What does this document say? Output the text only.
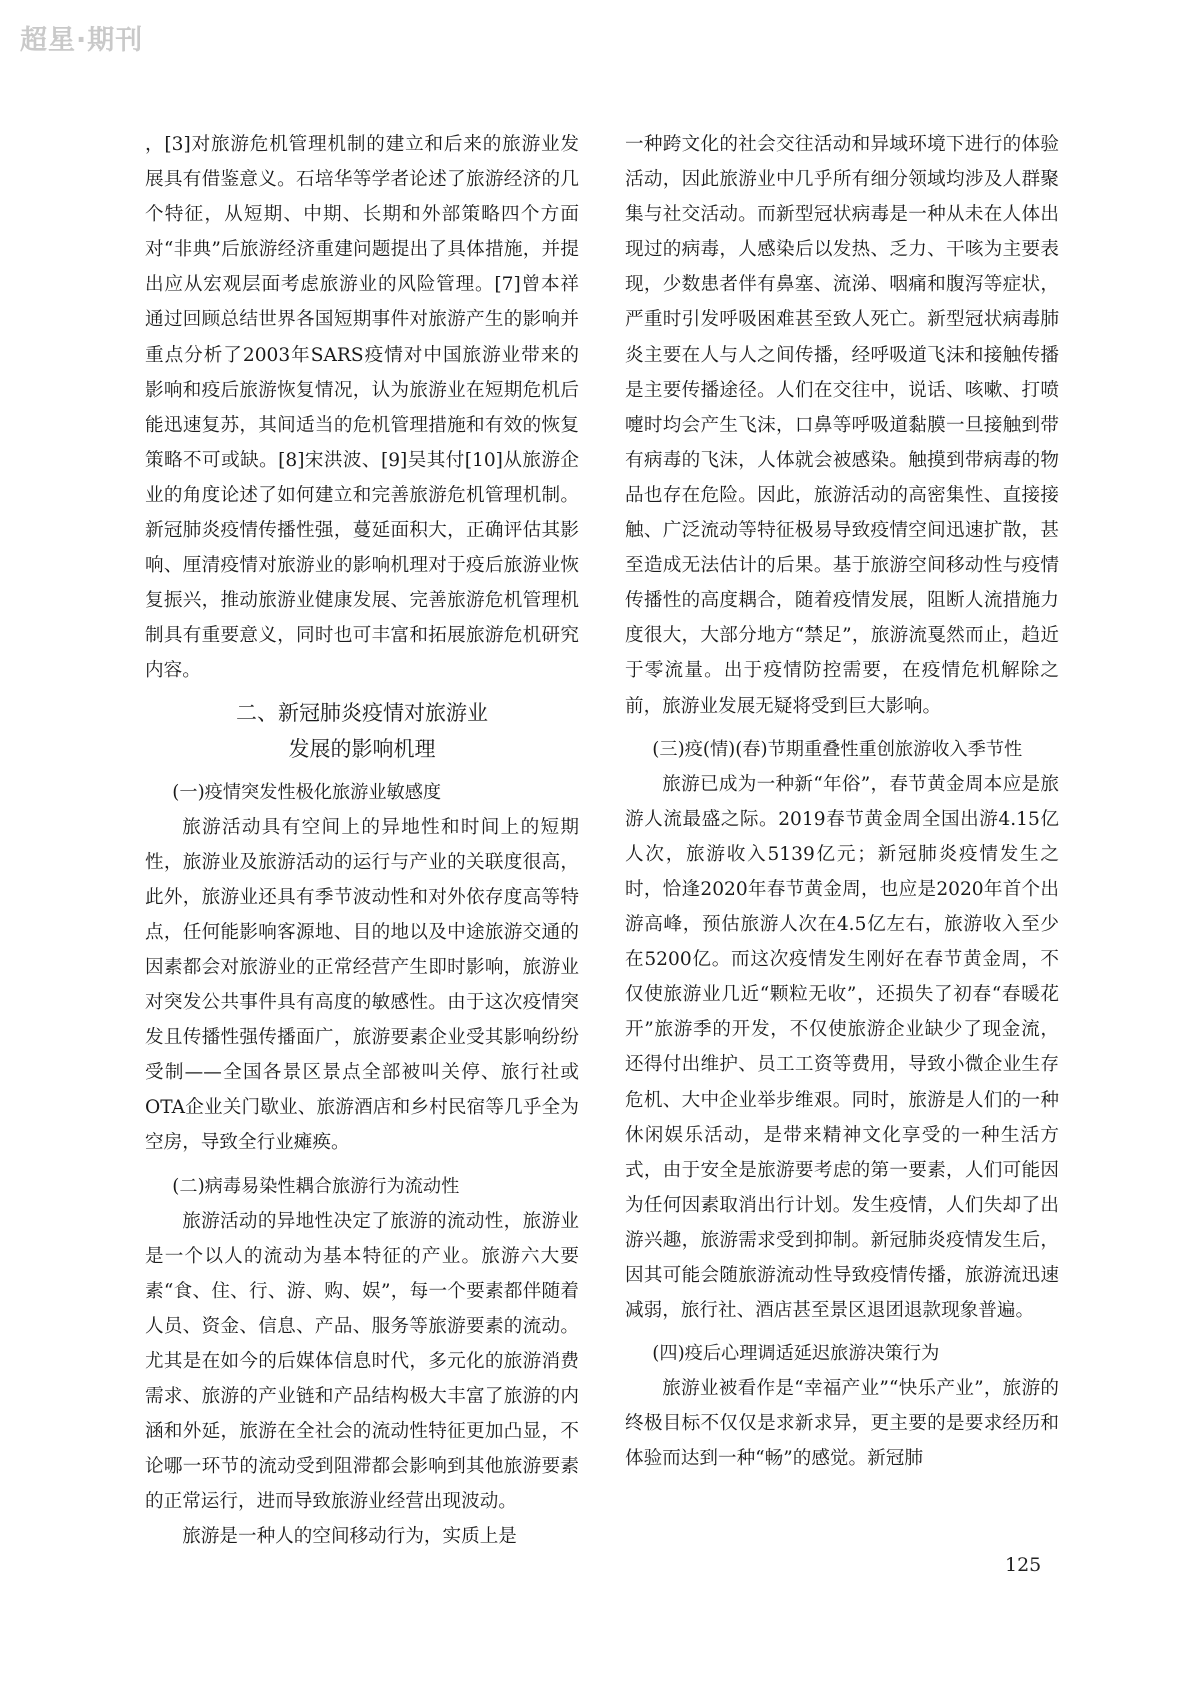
超星·期刊

，[3]对旅游危机管理机制的建立和后来的旅游业发展具有借鉴意义。石培华等学者论述了旅游经济的几个特征，从短期、中期、长期和外部策略四个方面对“非典”后旅游经济重建问题提出了具体措施，并提出应从宏观层面考虑旅游业的风险管理。[7]曾本祥通过回顾总结世界各国短期事件对旅游产生的影响并重点分析了2003年SARS疫情对中国旅游业带来的影响和疫后旅游恢复情况，认为旅游业在短期危机后能迅速复苏，其间适当的危机管理措施和有效的恢复策略不可或缺。[8]宋洪波、[9]吴其付[10]从旅游企业的角度论述了如何建立和完善旅游危机管理机制。新冠肺炎疫情传播性强，蔓延面积大，正确评估其影响、厘清疫情对旅游业的影响机理对于疫后旅游业恢复振兴，推动旅游业健康发展、完善旅游危机管理机制具有重要意义，同时也可丰富和拓展旅游危机研究内容。

二、新冠肺炎疫情对旅游业
发展的影响机理

(一)疫情突发性极化旅游业敏感度

旅游活动具有空间上的异地性和时间上的短期性，旅游业及旅游活动的运行与产业的关联度很高，此外，旅游业还具有季节波动性和对外依存度高等特点，任何能影响客源地、目的地以及中途旅游交通的因素都会对旅游业的正常经营产生即时影响，旅游业对突发公共事件具有高度的敏感性。由于这次疫情突发且传播性强传播面广，旅游要素企业受其影响纷纷受制——全国各景区景点全部被叫关停、旅行社或OTA企业关门歇业、旅游酒店和乡村民宿等几乎全为空房，导致全行业瘫痪。

(二)病毒易染性耦合旅游行为流动性

旅游活动的异地性决定了旅游的流动性，旅游业是一个以人的流动为基本特征的产业。旅游六大要素“食、住、行、游、购、娱”，每一个要素都伴随着人员、资金、信息、产品、服务等旅游要素的流动。尤其是在如今的后媒体信息时代，多元化的旅游消费需求、旅游的产业链和产品结构极大丰富了旅游的内涵和外延，旅游在全社会的流动性特征更加凸显，不论哪一环节的流动受到阻滞都会影响到其他旅游要素的正常运行，进而导致旅游业经营出现波动。

旅游是一种人的空间移动行为，实质上是

一种跨文化的社会交往活动和异域环境下进行的体验活动，因此旅游业中几乎所有细分领域均涉及人群聚集与社交活动。而新型冠状病毒是一种从未在人体出现过的病毒，人感染后以发热、乏力、干咳为主要表现，少数患者伴有鼻塞、流涕、咽痛和腹泻等症状，严重时引发呼吸困难甚至致人死亡。新型冠状病毒肺炎主要在人与人之间传播，经呼吸道飞沫和接触传播是主要传播途径。人们在交往中，说话、咳嗽、打喷嚏时均会产生飞沫，口鼻等呼吸道黏膜一旦接触到带有病毒的飞沫，人体就会被感染。触摸到带病毒的物品也存在危险。因此，旅游活动的高密集性、直接接触、广泛流动等特征极易导致疫情空间迅速扩散，甚至造成无法估计的后果。基于旅游空间移动性与疫情传播性的高度耦合，随着疫情发展，阻断人流措施力度很大，大部分地方“禁足”，旅游流戛然而止，趋近于零流量。出于疫情防控需要，在疫情危机解除之前，旅游业发展无疑将受到巨大影响。

(三)疫(情)(春)节期重叠性重创旅游收入季节性

旅游已成为一种新“年俗”，春节黄金周本应是旅游人流最盛之际。2019春节黄金周全国出游4.15亿人次，旅游收入5139亿元；新冠肺炎疫情发生之时，恰逢2020年春节黄金周，也应是2020年首个出游高峰，预估旅游人次在4.5亿左右，旅游收入至少在5200亿。而这次疫情发生刚好在春节黄金周，不仅使旅游业几近“颗粒无收”，还损失了初春“春暖花开”旅游季的开发，不仅使旅游企业缺少了现金流，还得付出维护、员工工资等费用，导致小微企业生存危机、大中企业举步维艰。同时，旅游是人们的一种休闲娱乐活动，是带来精神文化享受的一种生活方式，由于安全是旅游要考虑的第一要素，人们可能因为任何因素取消出行计划。发生疫情，人们失却了出游兴趣，旅游需求受到抑制。新冠肺炎疫情发生后，因其可能会随旅游流动性导致疫情传播，旅游流迅速减弱，旅行社、酒店甚至景区退团退款现象普遍。

(四)疫后心理调适延迟旅游决策行为

旅游业被看作是“幸福产业”“快乐产业”，旅游的终极目标不仅仅是求新求异，更主要的是要求经历和体验而达到一种“畅”的感觉。新冠肺

125
